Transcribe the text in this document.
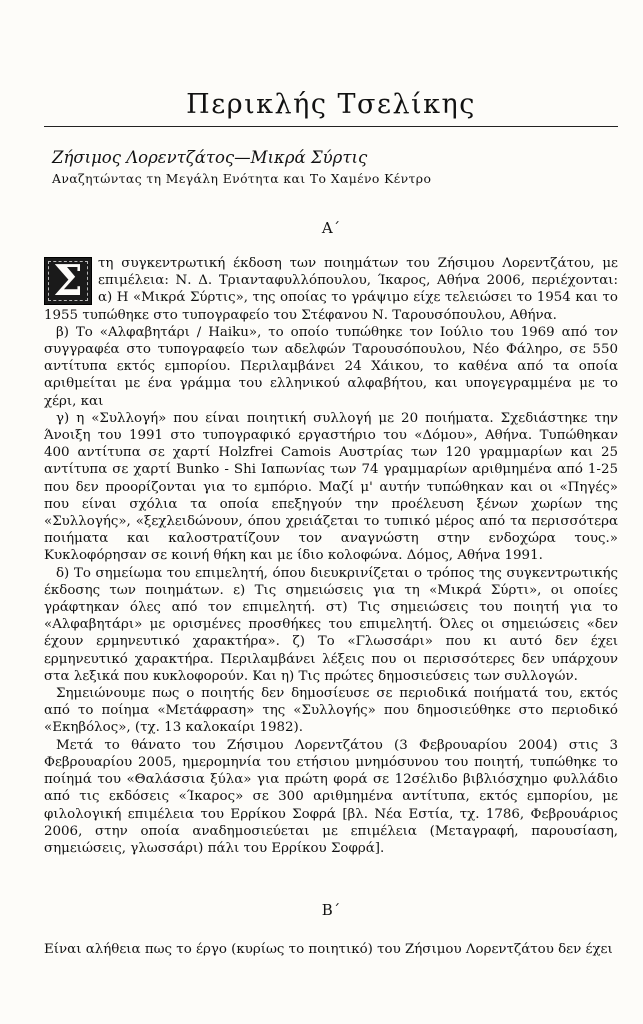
Περικλής Τσελίκης
Ζήσιμος Λορεντζάτος—Μικρά Σύρτις
Αναζητώντας τη Μεγάλη Ενότητα και Το Χαμένο Κέντρο
Α΄
Σ	τη συγκεντρωτική έκδοση των ποιημάτων του Ζήσιμου Λορεντζάτου, με επιμέλεια: Ν. Δ. Τριανταφυλλόπουλου, Ίκαρος, Αθήνα 2006, περιέχονται: α) Η «Μικρά Σύρτις», της οποίας το γράψιμο είχε τελειώσει το 1954 και το 1955 τυπώθηκε στο τυπογραφείο του Στέφανου Ν. Ταρουσόπουλου, Αθήνα.

β) Το «Αλφαβητάρι / Haiku», το οποίο τυπώθηκε τον Ιούλιο του 1969 από τον συγγραφέα στο τυπογραφείο των αδελφών Ταρουσόπουλου, Νέο Φάληρο, σε 550 αντίτυπα εκτός εμπορίου. Περιλαμβάνει 24 Χάικου, το καθένα από τα οποία αριθμείται με ένα γράμμα του ελληνικού αλφαβήτου, και υπογεγραμμένα με το χέρι, και

γ) η «Συλλογή» που είναι ποιητική συλλογή με 20 ποιήματα. Σχεδιάστηκε την Άνοιξη του 1991 στο τυπογραφικό εργαστήριο του «Δόμου», Αθήνα. Τυπώθηκαν 400 αντίτυπα σε χαρτί Holzfrei Camois Αυστρίας των 120 γραμμαρίων και 25 αντίτυπα σε χαρτί Bunko - Shi Ιαπωνίας των 74 γραμμαρίων αριθμημένα από 1-25 που δεν προορίζονται για το εμπόριο. Μαζί μ' αυτήν τυπώθηκαν και οι «Πηγές» που είναι σχόλια τα οποία επεξηγούν την προέλευση ξένων χωρίων της «Συλλογής», «ξεχλειδώνουν, όπου χρειάζεται το τυπικό μέρος από τα περισσότερα ποιήματα και καλοστρατίζουν τον αναγνώστη στην ενδοχώρα τους.» Κυκλοφόρησαν σε κοινή θήκη και με ίδιο κολοφώνα. Δόμος, Αθήνα 1991.

δ) Το σημείωμα του επιμελητή, όπου διευκρινίζεται ο τρόπος της συγκεντρωτικής έκδοσης των ποιημάτων. ε) Τις σημειώσεις για τη «Μικρά Σύρτι», οι οποίες γράφτηκαν όλες από τον επιμελητή. στ) Τις σημειώσεις του ποιητή για το «Αλφαβητάρι» με ορισμένες προσθήκες του επιμελητή. Όλες οι σημειώσεις «δεν έχουν ερμηνευτικό χαρακτήρα». ζ) Το «Γλωσσάρι» που κι αυτό δεν έχει ερμηνευτικό χαρακτήρα. Περιλαμβάνει λέξεις που οι περισσότερες δεν υπάρχουν στα λεξικά που κυκλοφορούν. Και η) Τις πρώτες δημοσιεύσεις των συλλογών.

Σημειώνουμε πως ο ποιητής δεν δημοσίευσε σε περιοδικά ποιήματά του, εκτός από το ποίημα «Μετάφραση» της «Συλλογής» που δημοσιεύθηκε στο περιοδικό «Εκηβόλος», (τχ. 13 καλοκαίρι 1982).

Μετά το θάνατο του Ζήσιμου Λορεντζάτου (3 Φεβρουαρίου 2004) στις 3 Φεβρουαρίου 2005, ημερομηνία του ετήσιου μνημόσυνου του ποιητή, τυπώθηκε το ποίημά του «Θαλάσσια ξύλα» για πρώτη φορά σε 12σέλιδο βιβλιόσχημο φυλλάδιο από τις εκδόσεις «Ίκαρος» σε 300 αριθμημένα αντίτυπα, εκτός εμπορίου, με φιλολογική επιμέλεια του Ερρίκου Σοφρά [βλ. Νέα Εστία, τχ. 1786, Φεβρουάριος 2006, στην οποία αναδημοσιεύεται με επιμέλεια (Μεταγραφή, παρουσίαση, σημειώσεις, γλωσσάρι) πάλι του Ερρίκου Σοφρά].

Β΄
Είναι αλήθεια πως το έργο (κυρίως το ποιητικό) του Ζήσιμου Λορεντζάτου δεν έχει
